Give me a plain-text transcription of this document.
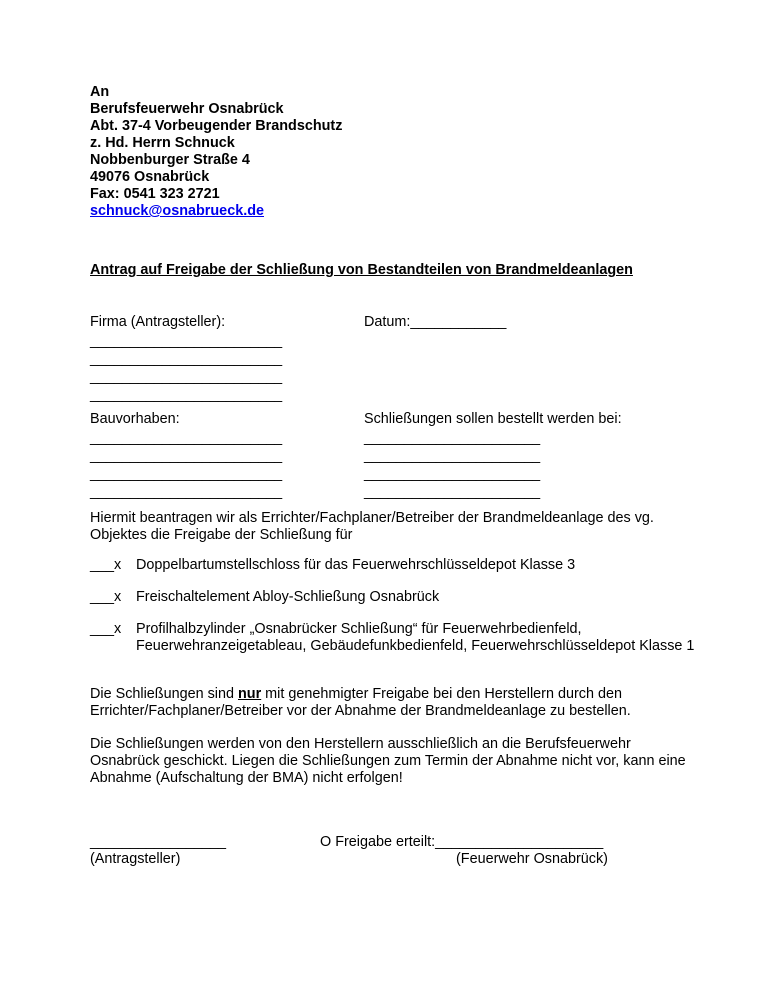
An
Berufsfeuerwehr Osnabrück
Abt. 37-4 Vorbeugender Brandschutz
z. Hd. Herrn Schnuck
Nobbenburger Straße 4
49076 Osnabrück
Fax: 0541 323 2721
schnuck@osnabrueck.de
Antrag auf Freigabe der Schließung von Bestandteilen von Brandmeldeanlagen
Firma (Antragsteller):	Datum:____________
________________________
________________________
________________________
________________________
Bauvorhaben:	Schließungen sollen bestellt werden bei:
________________________
________________________
________________________
________________________
______________________
______________________
______________________
______________________
Hiermit beantragen wir als Errichter/Fachplaner/Betreiber der Brandmeldeanlage des vg. Objektes die Freigabe der Schließung für
___x Doppelbartumstellschloss für das Feuerwehrschlüsseldepot Klasse 3
___x Freischaltelement Abloy-Schließung Osnabrück
___x Profilhalbzylinder „Osnabrücker Schließung“ für Feuerwehrbedienfeld, Feuerwehranzeigetableau, Gebäudefunkbedienfeld, Feuerwehrschlüsseldepot Klasse 1
Die Schließungen sind nur mit genehmigter Freigabe bei den Herstellern durch den Errichter/Fachplaner/Betreiber vor der Abnahme der Brandmeldeanlage zu bestellen.
Die Schließungen werden von den Herstellern ausschließlich an die Berufsfeuerwehr Osnabrück geschickt. Liegen die Schließungen zum Termin der Abnahme nicht vor, kann eine Abnahme (Aufschaltung der BMA) nicht erfolgen!
_________________
(Antragsteller)
O Freigabe erteilt:_____________________
(Feuerwehr Osnabrück)
